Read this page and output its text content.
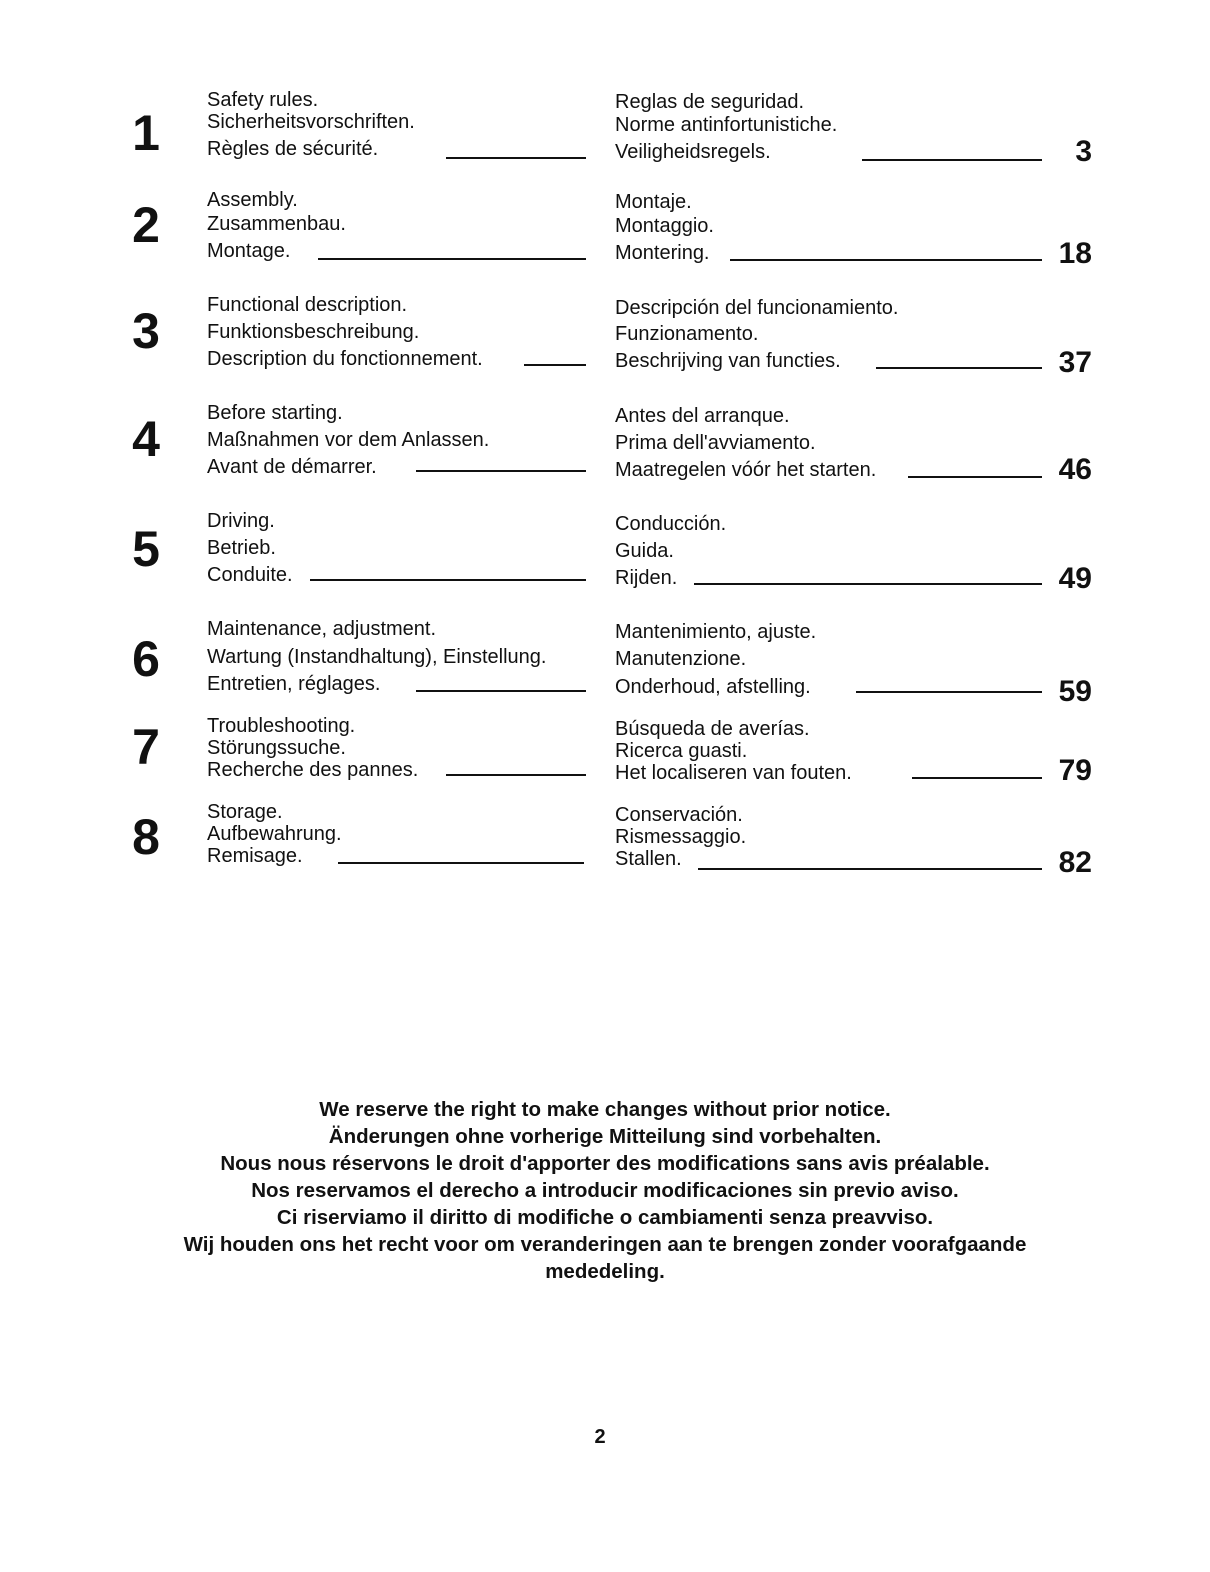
1
Safety rules.
Sicherheitsvorschriften.
Règles de sécurité.
Reglas de seguridad.
Norme antinfortunistiche.
Veiligheidsregels.	3
2	Assembly.
Zusammenbau.
Montage.
Montaje.
Montaggio.
Montering.	18
3	Functional description.
Funktionsbeschreibung.
Description du fonctionnement.
Descripción del funcionamiento.
Funzionamento.
Beschrijving van functies.	37
4	Before starting.
Maßnahmen vor dem Anlassen.
Avant de démarrer.
Antes del arranque.
Prima dell'avviamento.
Maatregelen vóór het starten.	46
5	Driving.
Betrieb.
Conduite.
Conducción.
Guida.
Rijden.	49
6
Maintenance, adjustment.
Wartung (Instandhaltung), Einstellung.
Entretien, réglages.
Mantenimiento, ajuste.
Manutenzione.
Onderhoud, afstelling.	59
7	Troubleshooting.
Störungssuche.
Recherche des pannes.
Búsqueda de averías.
Ricerca guasti.
Het localiseren van fouten.	79
8	Storage.
Aufbewahrung.
Remisage.
Conservación.
Rismessaggio.
Stallen.	82
We reserve the right to make changes without prior notice.
Änderungen ohne vorherige Mitteilung sind vorbehalten.
Nous nous réservons le droit d'apporter des modifications sans avis préalable.
Nos reservamos el derecho a introducir modificaciones sin previo aviso.
Ci riserviamo il diritto di modifiche o cambiamenti senza preavviso.
Wij houden ons het recht voor om veranderingen aan te brengen zonder voorafgaande
mededeling.
2
